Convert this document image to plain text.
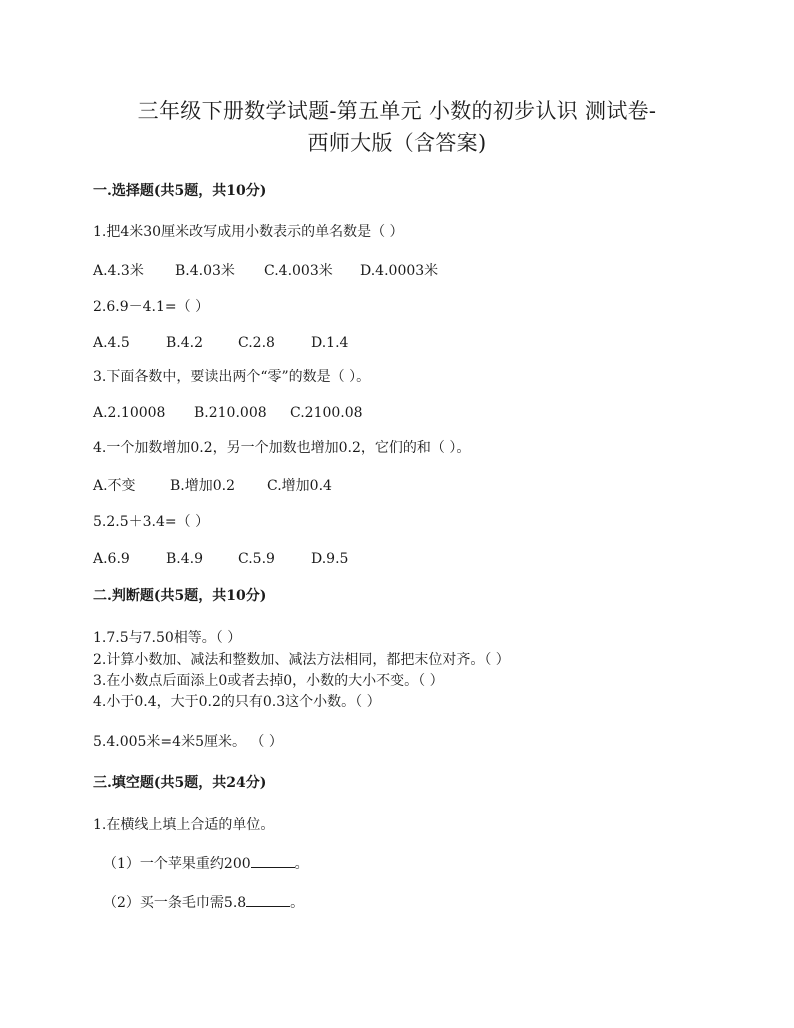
三年级下册数学试题-第五单元 小数的初步认识 测试卷-
西师大版（含答案)
一.选择题(共5题，共10分)
1.把4米30厘米改写成用小数表示的单名数是（ ）
A.4.3米 B.4.03米 C.4.003米 D.4.0003米
2.6.9－4.1=（ ）
A.4.5	B.4.2 C.2.8	D.1.4
3.下面各数中，要读出两个“零”的数是（ ）。
A.2.10008 B.210.008 C.2100.08
4.一个加数增加0.2，另一个加数也增加0.2，它们的和（ ）。
A.不变 B.增加0.2 C.增加0.4
5.2.5＋3.4=（ ）
A.6.9	B.4.9 C.5.9	D.9.5
二.判断题(共5题，共10分)
1.7.5与7.50相等。（ ）
2.计算小数加、减法和整数加、减法方法相同，都把末位对齐。（ ）
3.在小数点后面添上0或者去掉0，小数的大小不变。（ ）
4.小于0.4，大于0.2的只有0.3这个小数。（ ）
5.4.005米=4米5厘米。 （ ）
三.填空题(共5题，共24分)
1.在横线上填上合适的单位。
（1）一个苹果重约200	。
（2）买一条毛巾需5.8	。
